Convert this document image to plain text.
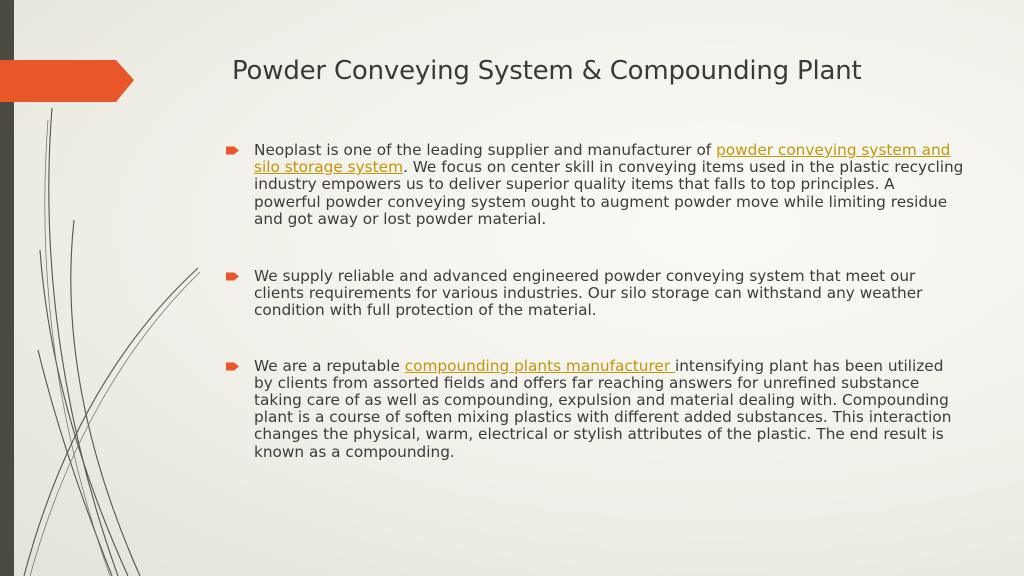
Powder Conveying System & Compounding Plant
Neoplast is one of the leading supplier and manufacturer of powder conveying system and silo storage system. We focus on center skill in conveying items used in the plastic recycling industry empowers us to deliver superior quality items that falls to top principles. A powerful powder conveying system ought to augment powder move while limiting residue and got away or lost powder material.
We supply reliable and advanced engineered powder conveying system that meet our clients requirements for various industries. Our silo storage can withstand any weather condition with full protection of the material.
We are a reputable compounding plants manufacturer intensifying plant has been utilized by clients from assorted fields and offers far reaching answers for unrefined substance taking care of as well as compounding, expulsion and material dealing with. Compounding plant is a course of soften mixing plastics with different added substances. This interaction changes the physical, warm, electrical or stylish attributes of the plastic. The end result is known as a compounding.
